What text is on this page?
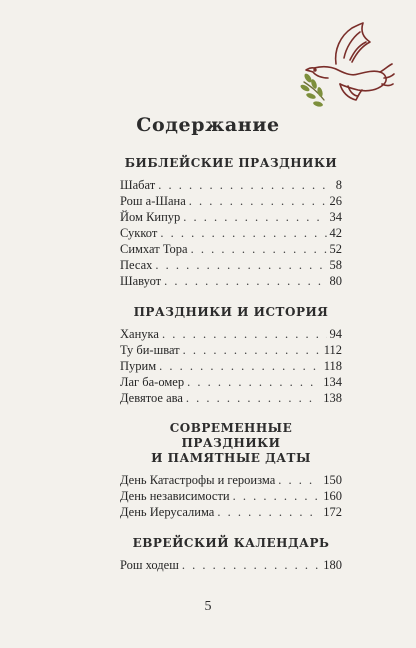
Содержание
БИБЛЕЙСКИЕ ПРАЗДНИКИ
Шабат . . .	8
Рош а-Шана . . .	26
Йом Кипур . . .	34
Суккот . . .	42
Симхат Тора . . .	52
Песах . . .	58
Шавуот . . .	80
ПРАЗДНИКИ И ИСТОРИЯ
Ханука . . .	94
Ту би-шват . . .	112
Пурим . . .	118
Лаг ба-омер . . .	134
Девятое ава . . .	138
СОВРЕМЕННЫЕ ПРАЗДНИКИ
И ПАМЯТНЫЕ ДАТЫ
День Катастрофы и героизма . . .	150
День независимости . . .	160
День Иерусалима . . .	172
ЕВРЕЙСКИЙ КАЛЕНДАРЬ
Рош ходеш . . .	180
5
